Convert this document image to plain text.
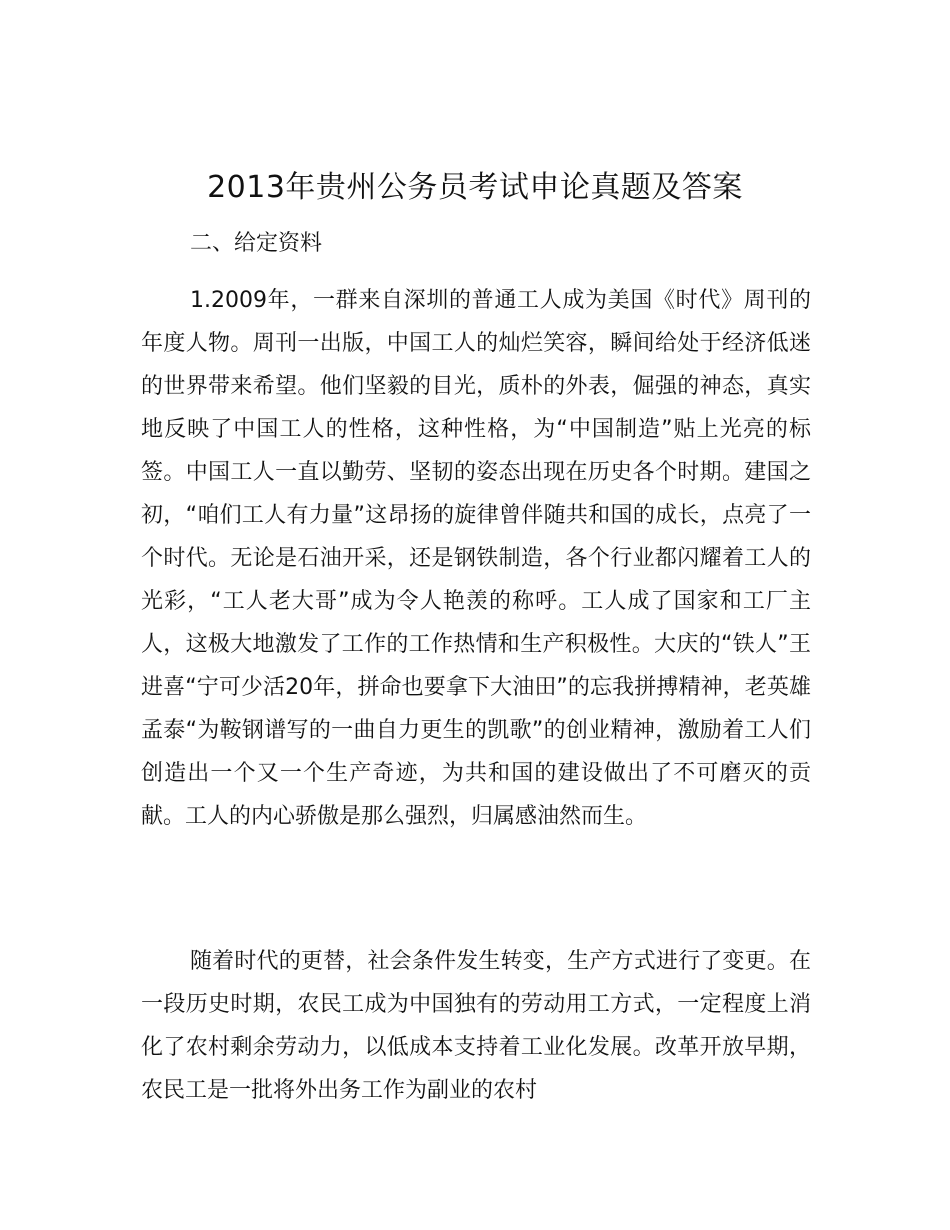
2013年贵州公务员考试申论真题及答案

二、给定资料

1.2009年，一群来自深圳的普通工人成为美国《时代》周刊的年度人物。周刊一出版，中国工人的灿烂笑容，瞬间给处于经济低迷的世界带来希望。他们坚毅的目光，质朴的外表，倔强的神态，真实地反映了中国工人的性格，这种性格，为“中国制造”贴上光亮的标签。中国工人一直以勤劳、坚韧的姿态出现在历史各个时期。建国之初，“咱们工人有力量”这昂扬的旋律曾伴随共和国的成长，点亮了一个时代。无论是石油开采，还是钢铁制造，各个行业都闪耀着工人的光彩，“工人老大哥”成为令人艳羡的称呼。工人成了国家和工厂主人，这极大地激发了工作的工作热情和生产积极性。大庆的“铁人”王进喜“宁可少活20年，拼命也要拿下大油田”的忘我拼搏精神，老英雄孟泰“为鞍钢谱写的一曲自力更生的凯歌”的创业精神，激励着工人们创造出一个又一个生产奇迹，为共和国的建设做出了不可磨灭的贡献。工人的内心骄傲是那么强烈，归属感油然而生。

随着时代的更替，社会条件发生转变，生产方式进行了变更。在一段历史时期，农民工成为中国独有的劳动用工方式，一定程度上消化了农村剩余劳动力，以低成本支持着工业化发展。改革开放早期，农民工是一批将外出务工作为副业的农村
